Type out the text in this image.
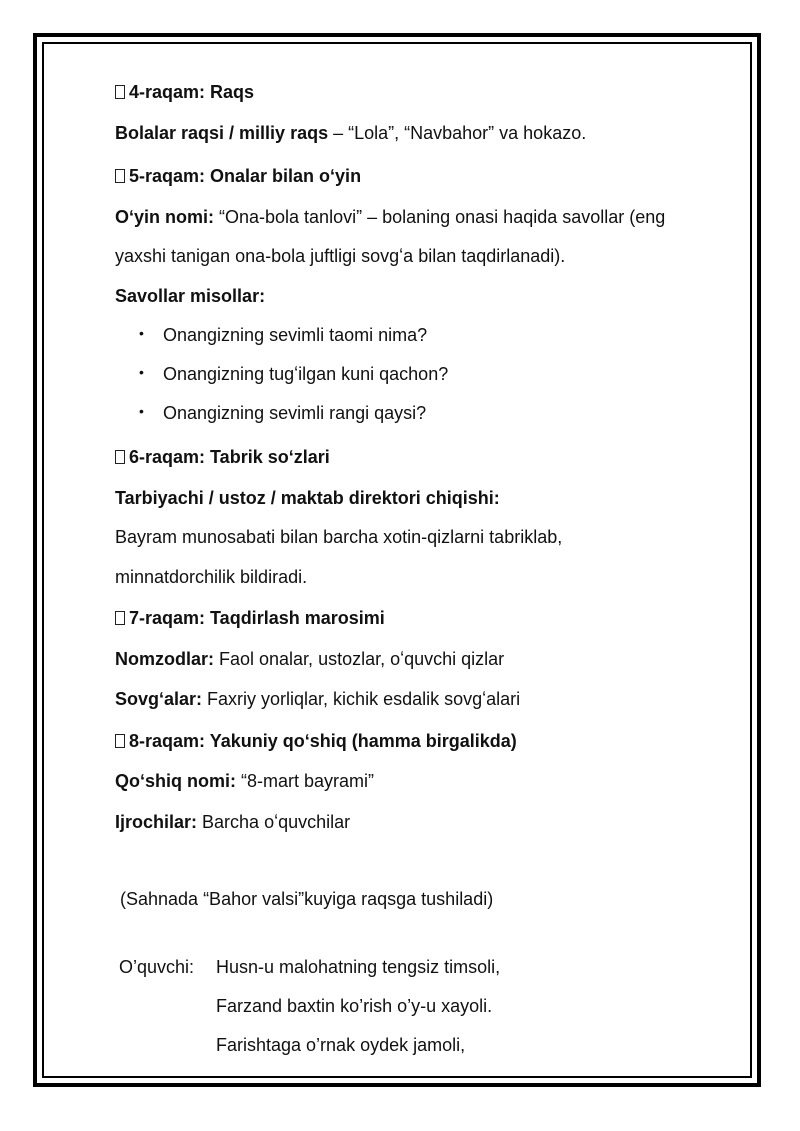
4-raqam: Raqs
Bolalar raqsi / milliy raqs – “Lola”, “Navbahor” va hokazo.
5-raqam: Onalar bilan oʻyin
Oʻyin nomi: “Ona-bola tanlovi” – bolaning onasi haqida savollar (eng
yaxshi tanigan ona-bola juftligi sovgʻa bilan taqdirlanadi).
Savollar misollar:
• Onangizning sevimli taomi nima?
• Onangizning tugʻilgan kuni qachon?
• Onangizning sevimli rangi qaysi?
6-raqam: Tabrik soʻzlari
Tarbiyachi / ustoz / maktab direktori chiqishi:
Bayram munosabati bilan barcha xotin-qizlarni tabriklab,
minnatdorchilik bildiradi.
7-raqam: Taqdirlash marosimi
Nomzodlar: Faol onalar, ustozlar, oʻquvchi qizlar
Sovgʻalar: Faxriy yorliqlar, kichik esdalik sovgʻalari
8-raqam: Yakuniy qoʻshiq (hamma birgalikda)
Qoʻshiq nomi: “8-mart bayrami”
Ijrochilar: Barcha oʻquvchilar
(Sahnada “Bahor valsi”kuyiga raqsga tushiladi)
O’quvchi: Husn-u malohatning tengsiz timsoli,
Farzand baxtin ko’rish o’y-u xayoli.
Farishtaga o’rnak oydek jamoli,
